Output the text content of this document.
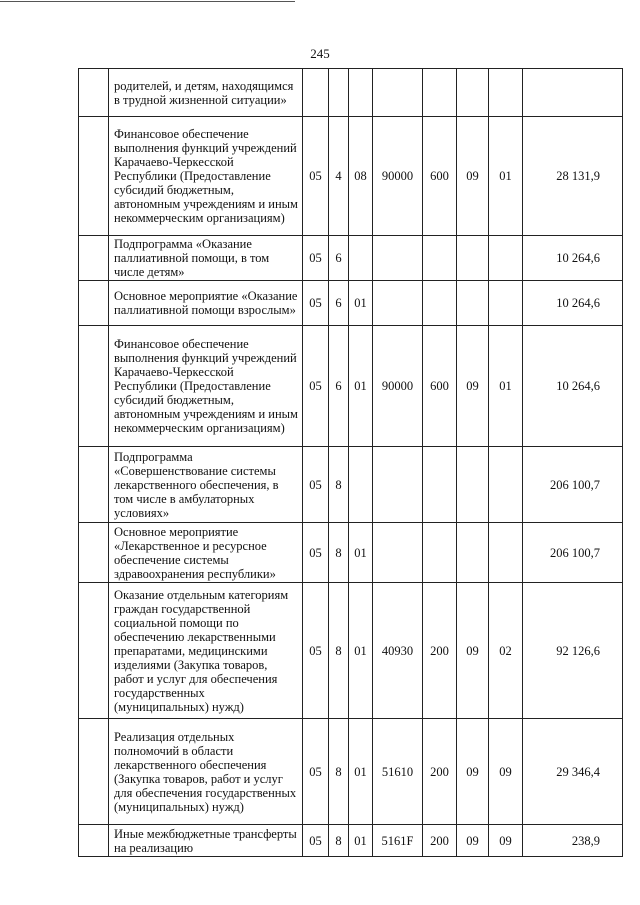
245
	родителей, и детям, находящимся в трудной жизненной ситуации»								
	Финансовое обеспечение выполнения функций учреждений Карачаево-Черкесской Республики (Предоставление субсидий бюджетным, автономным учреждениям и иным некоммерческим организациям)	05	4	08	90000	600	09	01	28 131,9
	Подпрограмма «Оказание паллиативной помощи, в том числе детям»	05	6						10 264,6
	Основное мероприятие «Оказание паллиативной помощи взрослым»	05	6	01					10 264,6
	Финансовое обеспечение выполнения функций учреждений Карачаево-Черкесской Республики (Предоставление субсидий бюджетным, автономным учреждениям и иным некоммерческим организациям)	05	6	01	90000	600	09	01	10 264,6
	Подпрограмма «Совершенствование системы лекарственного обеспечения, в том числе в амбулаторных условиях»	05	8						206 100,7
	Основное мероприятие «Лекарственное и ресурсное обеспечение системы здравоохранения республики»	05	8	01					206 100,7
	Оказание отдельным категориям граждан государственной социальной помощи по обеспечению лекарственными препаратами, медицинскими изделиями (Закупка товаров, работ и услуг для обеспечения государственных (муниципальных) нужд)	05	8	01	40930	200	09	02	92 126,6
	Реализация отдельных полномочий в области лекарственного обеспечения (Закупка товаров, работ и услуг для обеспечения государственных (муниципальных) нужд)	05	8	01	51610	200	09	09	29 346,4
	Иные межбюджетные трансферты на реализацию	05	8	01	5161F	200	09	09	238,9
